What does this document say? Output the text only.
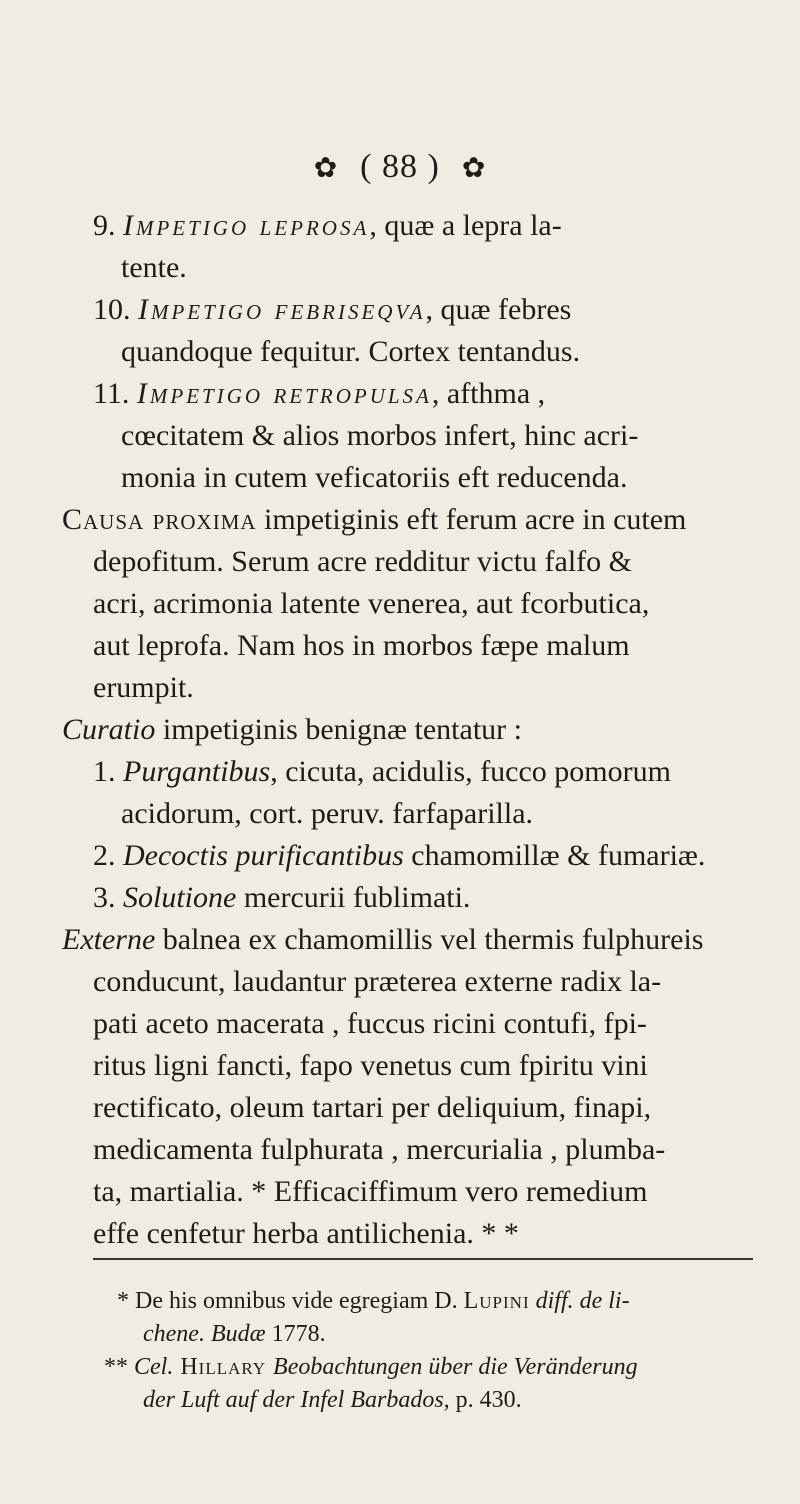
✿ ( 88 ) ✿
9. Impetigo leprosa, quæ a lepra la-
tente.
10. Impetigo febriseqva, quæ febres
quandoque fequitur. Cortex tentandus.
11. Impetigo retropulsa, afthma ,
cœcitatem & alios morbos infert, hinc acri-
monia in cutem veficatoriis eft reducenda.
Causa proxima impetiginis eft ferum acre in cutem
depofitum. Serum acre redditur victu falfo &
acri, acrimonia latente venerea, aut fcorbutica,
aut leprofa. Nam hos in morbos fæpe malum
erumpit.
Curatio impetiginis benignæ tentatur :
1. Purgantibus, cicuta, acidulis, fucco pomorum
acidorum, cort. peruv. farfaparilla.
2. Decoctis purificantibus chamomillæ & fumariæ.
3. Solutione mercurii fublimati.
Externe balnea ex chamomillis vel thermis fulphureis
conducunt, laudantur præterea externe radix la-
pati aceto macerata , fuccus ricini contufi, fpi-
ritus ligni fancti, fapo venetus cum fpiritu vini
rectificato, oleum tartari per deliquium, finapi,
medicamenta fulphurata , mercurialia , plumba-
ta, martialia. * Efficaciffimum vero remedium
effe cenfetur herba antilichenia. * *
* De his omnibus vide egregiam D. Lupini diff. de li-
chene. Budæ 1778.
** Cel. Hillary Beobachtungen über die Veränderung
der Luft auf der Infel Barbados, p. 430.
